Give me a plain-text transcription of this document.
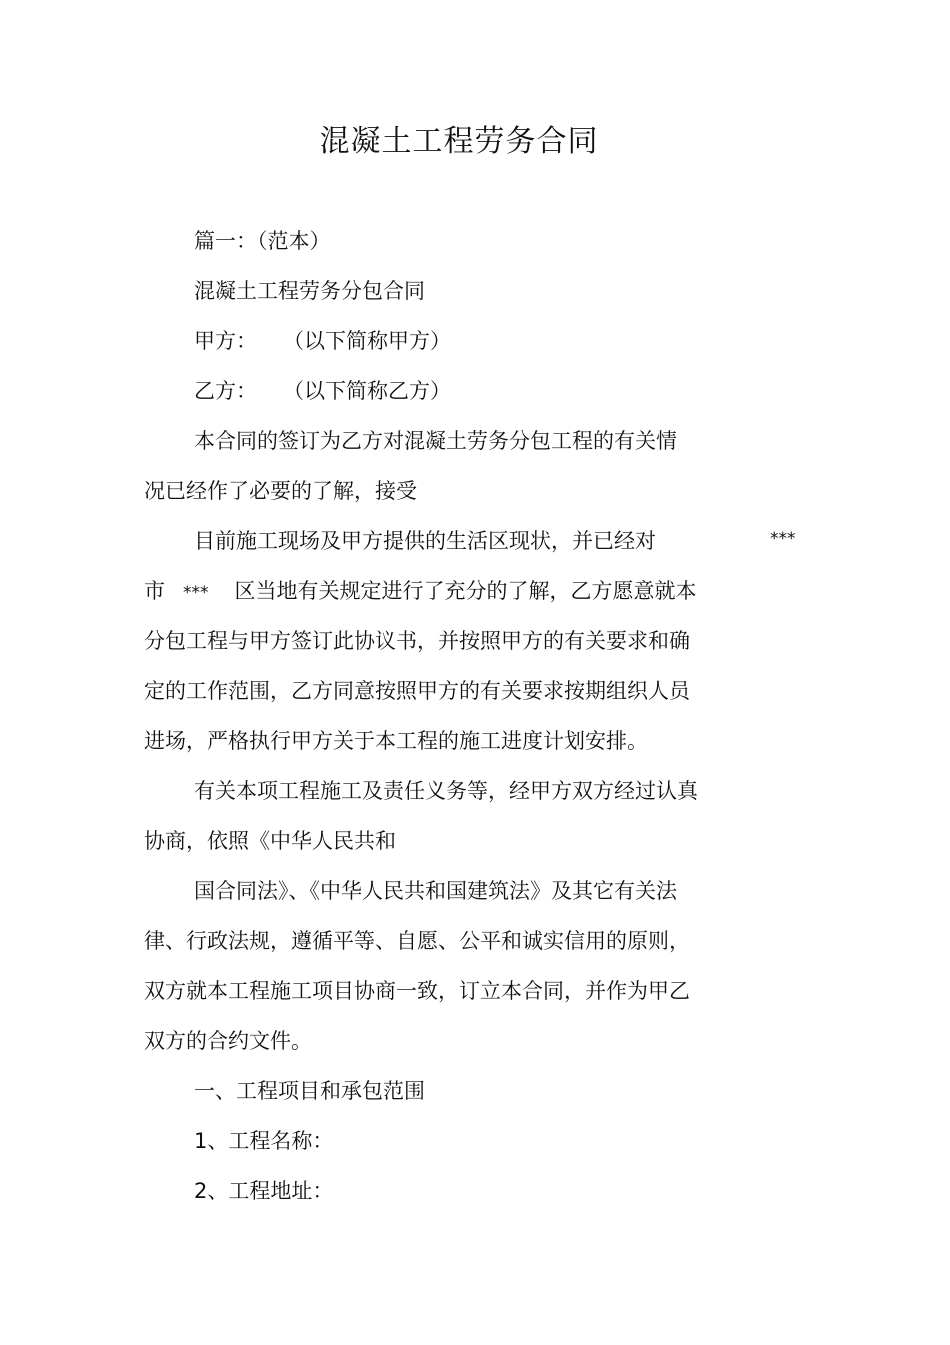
混凝土工程劳务合同
篇一：（范本）
混凝土工程劳务分包合同
甲方： （以下简称甲方）
乙方： （以下简称乙方）
本合同的签订为乙方对混凝土劳务分包工程的有关情
况已经作了必要的了解，接受
目前施工现场及甲方提供的生活区现状，并已经对	***
市 *** 区当地有关规定进行了充分的了解，乙方愿意就本
分包工程与甲方签订此协议书，并按照甲方的有关要求和确
定的工作范围，乙方同意按照甲方的有关要求按期组织人员
进场，严格执行甲方关于本工程的施工进度计划安排。
有关本项工程施工及责任义务等，经甲方双方经过认真
协商，依照《中华人民共和
国合同法》、《中华人民共和国建筑法》及其它有关法
律、行政法规，遵循平等、自愿、公平和诚实信用的原则，
双方就本工程施工项目协商一致，订立本合同，并作为甲乙
双方的合约文件。
一、工程项目和承包范围
1、工程名称：
2、工程地址：
